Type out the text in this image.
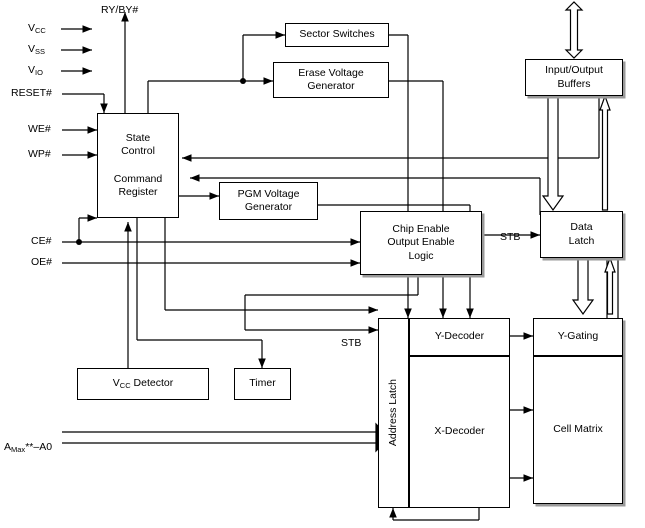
$V_{CC}$
$V_{SS}$
$V_{IO}$
RESET#
WE#
WP#
CE#
OE#
RY/BY#
$A_{Max}**-A0$
STB
STB
State
Control
Command
Register
Sector Switches
Erase Voltage
Generator
Input/Output
Buffers
PGM Voltage
Generator
Chip Enable
Output Enable
Logic
Data
Latch
$V_{CC}$ Detector	Timer	Address Latch
Y-Decoder
X-Decoder
Y-Gating
Cell Matrix
